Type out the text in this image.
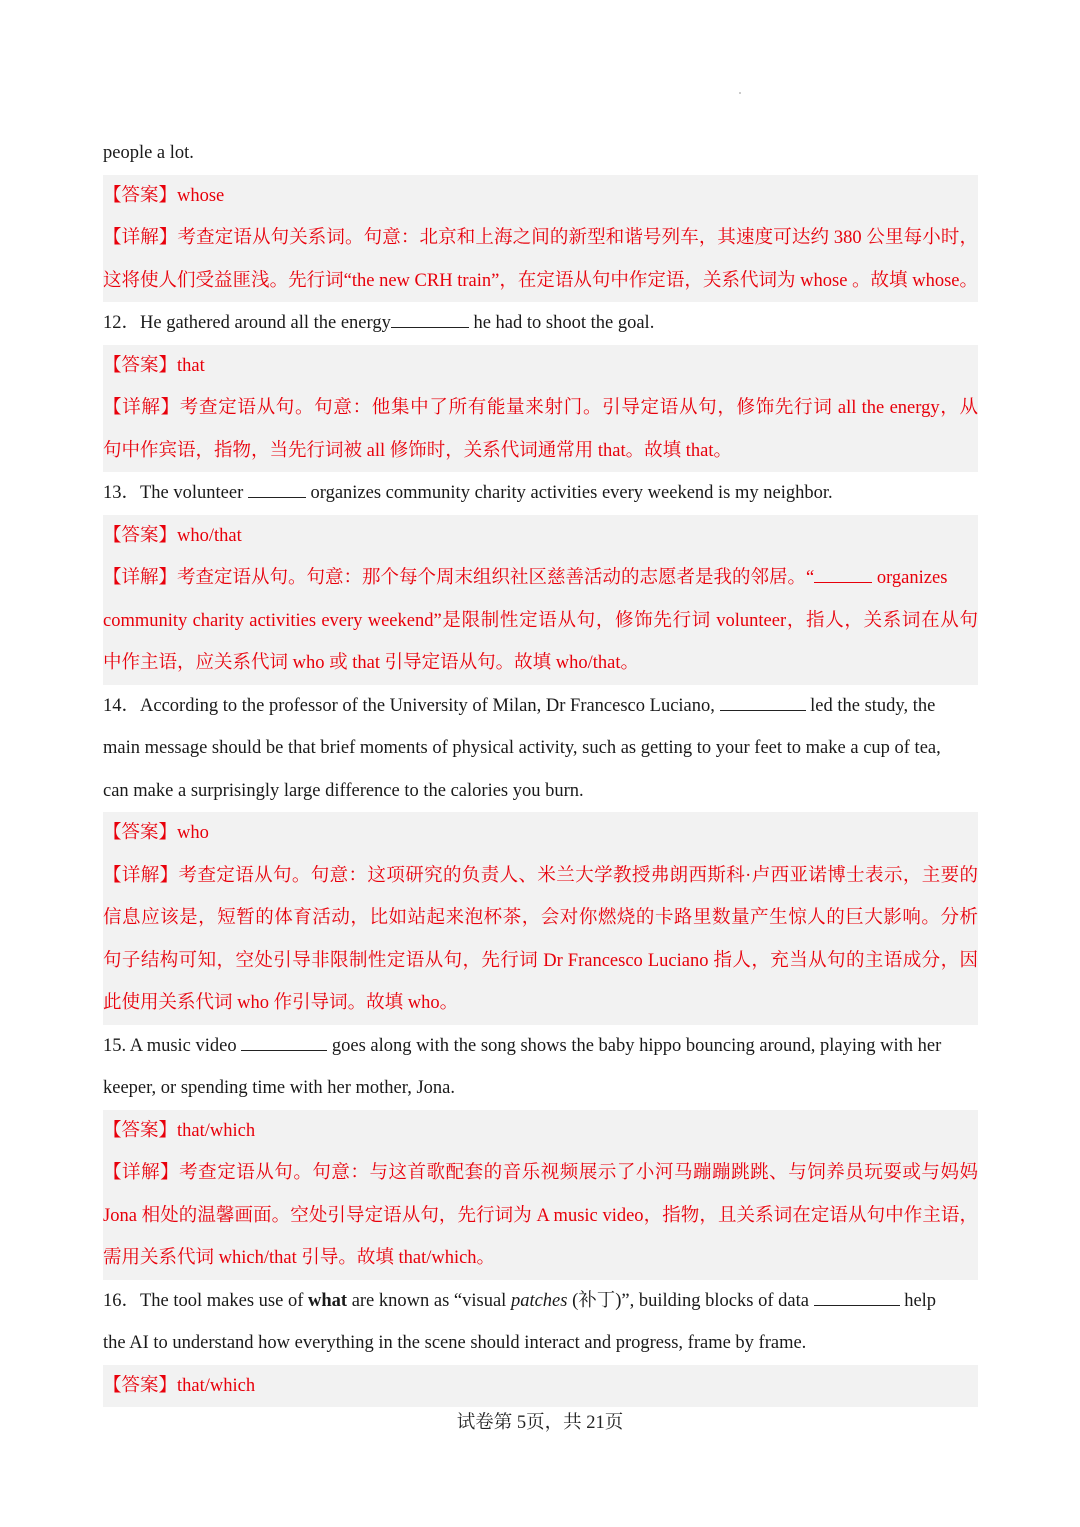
people a lot.
【答案】whose
【详解】考查定语从句关系词。句意：北京和上海之间的新型和谐号列车，其速度可达约 380 公里每小时，
这将使人们受益匪浅。先行词“the new CRH train”，在定语从句中作定语，关系代词为 whose 。故填 whose。
12．He gathered around all the energy	he had to shoot the goal.
【答案】that
【详解】考查定语从句。句意：他集中了所有能量来射门。引导定语从句，修饰先行词 all the energy，从
句中作宾语，指物，当先行词被 all 修饰时，关系代词通常用 that。故填 that。
13．The volunteer	organizes community charity activities every weekend is my neighbor.
【答案】who/that
【详解】考查定语从句。句意：那个每个周末组织社区慈善活动的志愿者是我的邻居。“	organizes
community charity activities every weekend”是限制性定语从句，修饰先行词 volunteer，指人，关系词在从句
中作主语，应关系代词 who 或 that 引导定语从句。故填 who/that。
14．According to the professor of the University of Milan, Dr Francesco Luciano,	led the study, the
main message should be that brief moments of physical activity, such as getting to your feet to make a cup of tea,
can make a surprisingly large difference to the calories you burn.
【答案】who
【详解】考查定语从句。句意：这项研究的负责人、米兰大学教授弗朗西斯科·卢西亚诺博士表示，主要的
信息应该是，短暂的体育活动，比如站起来泡杯茶，会对你燃烧的卡路里数量产生惊人的巨大影响。分析
句子结构可知，空处引导非限制性定语从句，先行词 Dr Francesco Luciano 指人，充当从句的主语成分，因
此使用关系代词 who 作引导词。故填 who。
15. A music video	goes along with the song shows the baby hippo bouncing around, playing with her
keeper, or spending time with her mother, Jona.
【答案】that/which
【详解】考查定语从句。句意：与这首歌配套的音乐视频展示了小河马蹦蹦跳跳、与饲养员玩耍或与妈妈
Jona 相处的温馨画面。空处引导定语从句，先行词为 A music video，指物，且关系词在定语从句中作主语，
需用关系代词 which/that 引导。故填 that/which。
16．The tool makes use of what are known as “visual patches (补丁)”, building blocks of data	help
the AI to understand how everything in the scene should interact and progress, frame by frame.
【答案】that/which
试卷第 5页，共 21页
